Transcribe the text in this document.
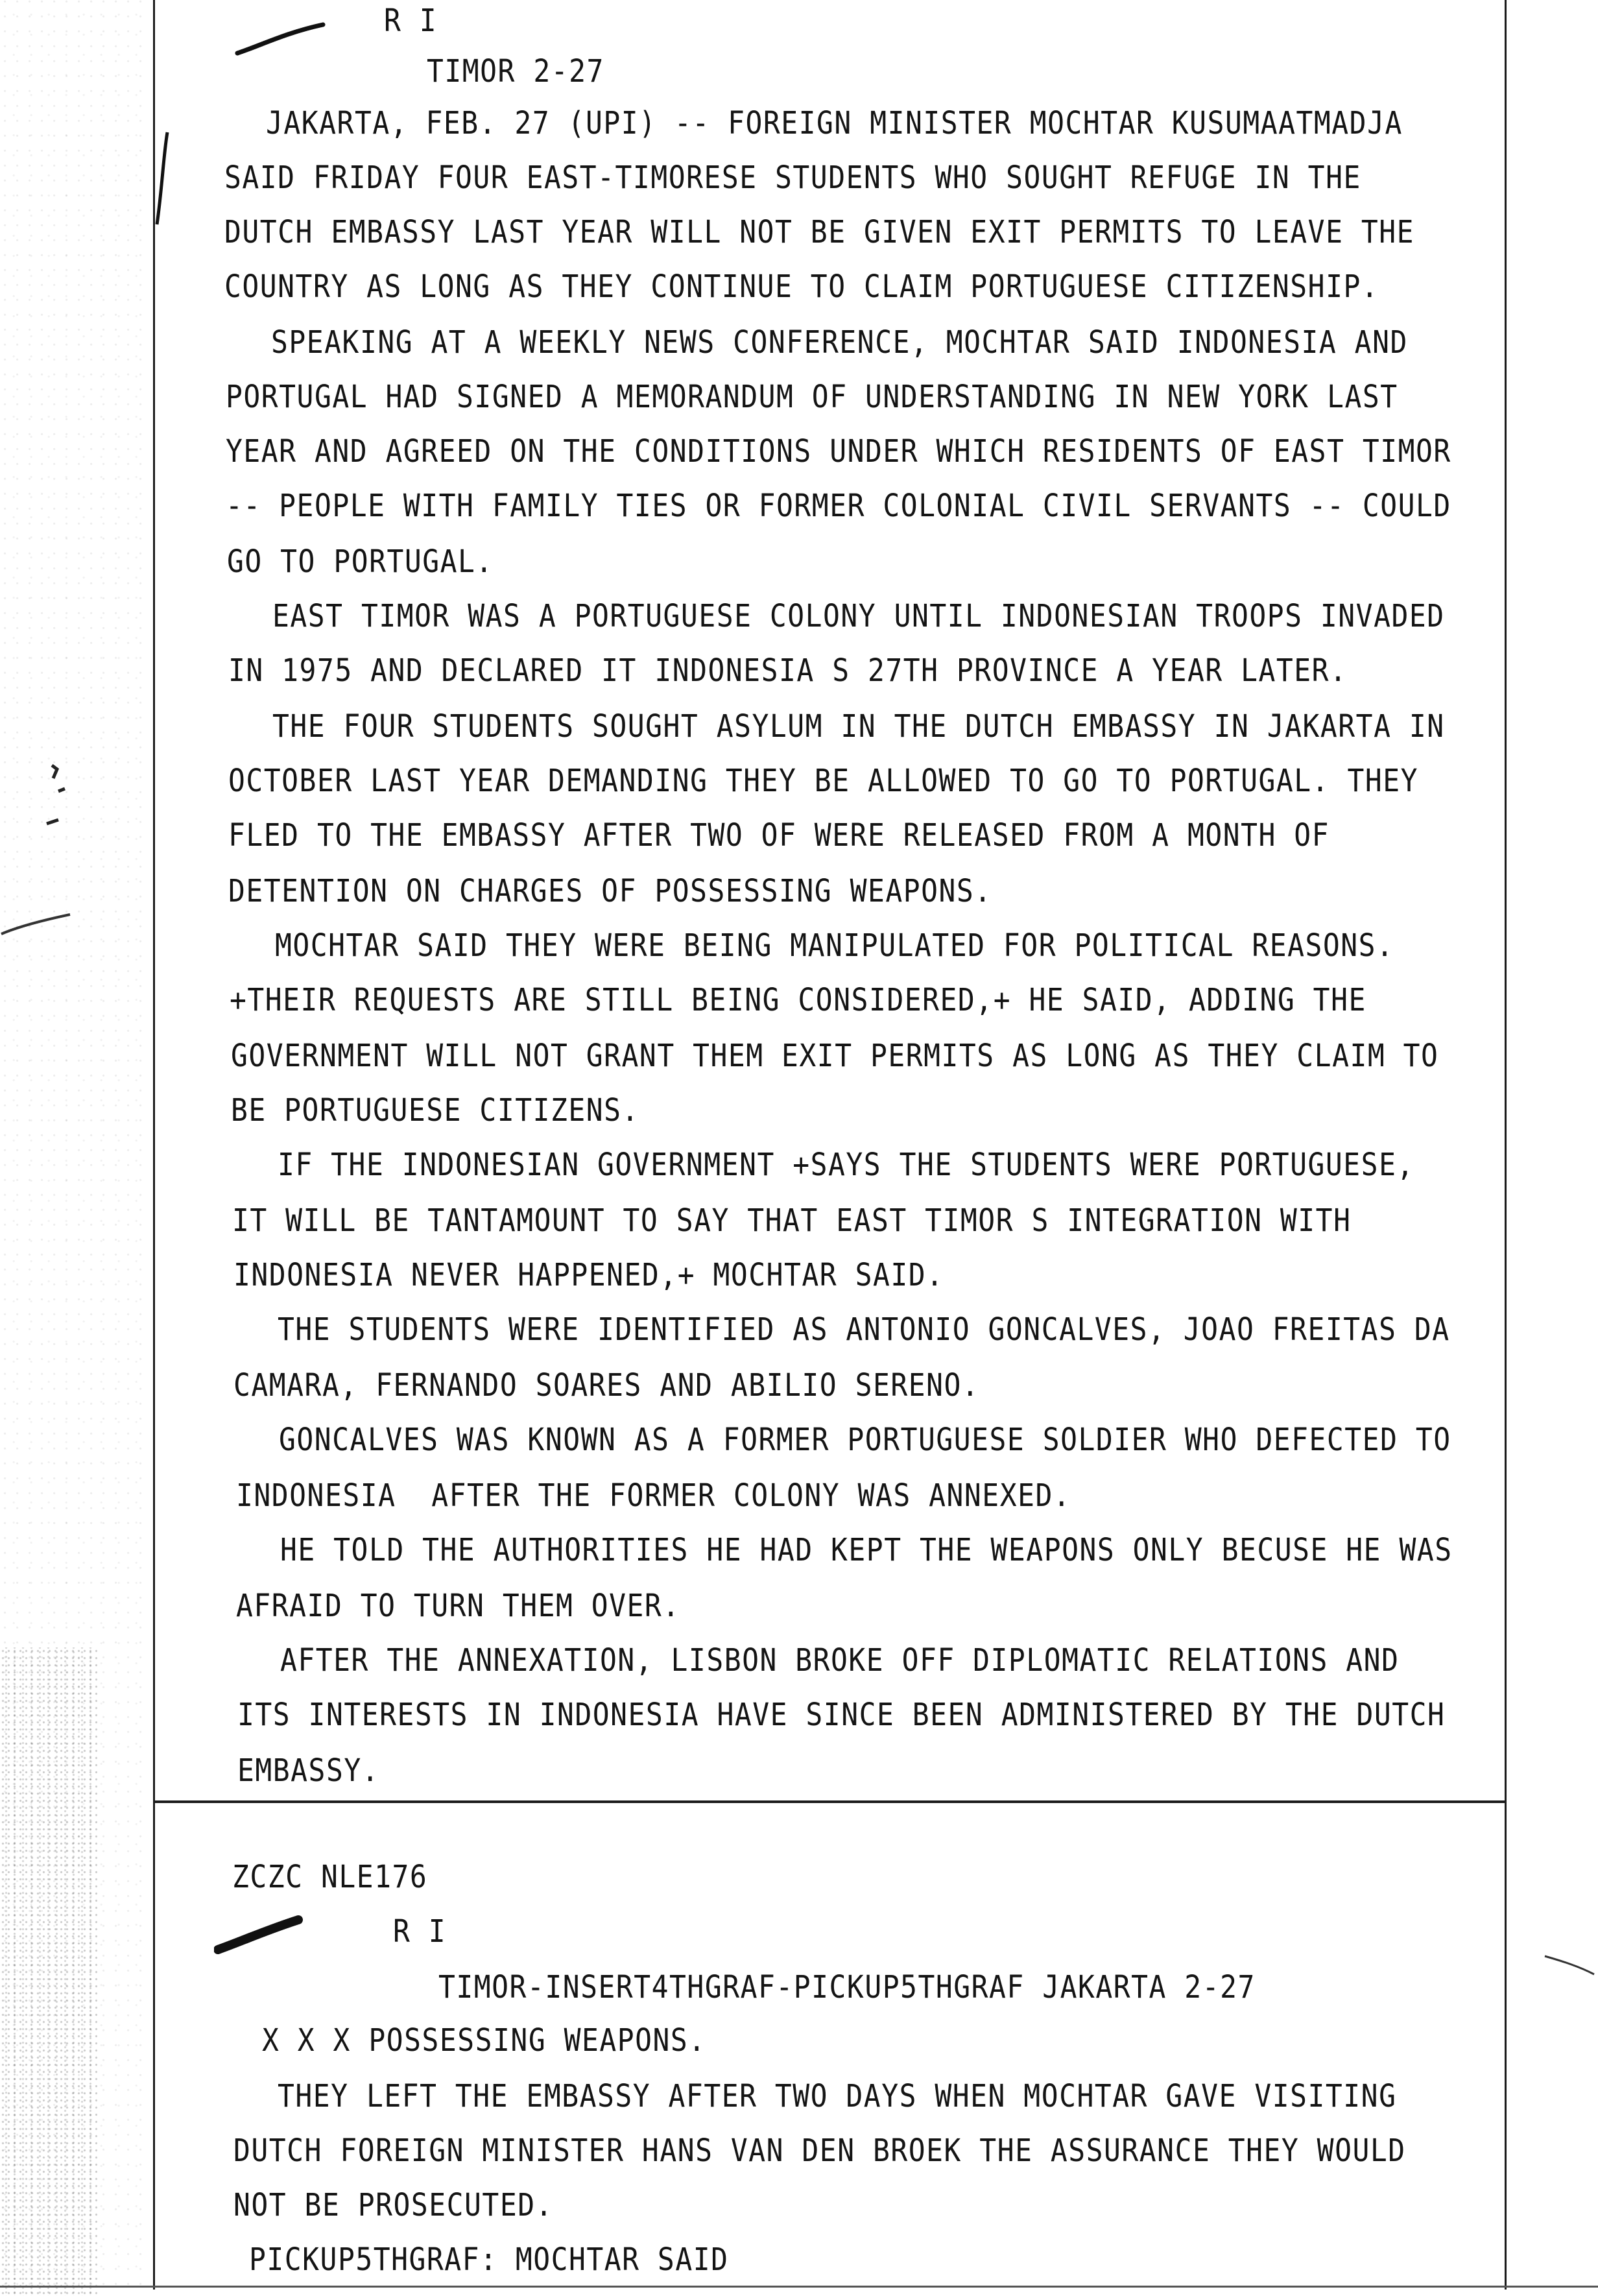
R I
TIMOR 2-27
JAKARTA, FEB. 27 (UPI) -- FOREIGN MINISTER MOCHTAR KUSUMAATMADJA
SAID FRIDAY FOUR EAST-TIMORESE STUDENTS WHO SOUGHT REFUGE IN THE
DUTCH EMBASSY LAST YEAR WILL NOT BE GIVEN EXIT PERMITS TO LEAVE THE
COUNTRY AS LONG AS THEY CONTINUE TO CLAIM PORTUGUESE CITIZENSHIP.
SPEAKING AT A WEEKLY NEWS CONFERENCE, MOCHTAR SAID INDONESIA AND
PORTUGAL HAD SIGNED A MEMORANDUM OF UNDERSTANDING IN NEW YORK LAST
YEAR AND AGREED ON THE CONDITIONS UNDER WHICH RESIDENTS OF EAST TIMOR
-- PEOPLE WITH FAMILY TIES OR FORMER COLONIAL CIVIL SERVANTS -- COULD
GO TO PORTUGAL.
EAST TIMOR WAS A PORTUGUESE COLONY UNTIL INDONESIAN TROOPS INVADED
IN 1975 AND DECLARED IT INDONESIA S 27TH PROVINCE A YEAR LATER.
THE FOUR STUDENTS SOUGHT ASYLUM IN THE DUTCH EMBASSY IN JAKARTA IN
OCTOBER LAST YEAR DEMANDING THEY BE ALLOWED TO GO TO PORTUGAL. THEY
FLED TO THE EMBASSY AFTER TWO OF WERE RELEASED FROM A MONTH OF
DETENTION ON CHARGES OF POSSESSING WEAPONS.
MOCHTAR SAID THEY WERE BEING MANIPULATED FOR POLITICAL REASONS.
+THEIR REQUESTS ARE STILL BEING CONSIDERED,+ HE SAID, ADDING THE
GOVERNMENT WILL NOT GRANT THEM EXIT PERMITS AS LONG AS THEY CLAIM TO
BE PORTUGUESE CITIZENS.
IF THE INDONESIAN GOVERNMENT +SAYS THE STUDENTS WERE PORTUGUESE,
IT WILL BE TANTAMOUNT TO SAY THAT EAST TIMOR S INTEGRATION WITH
INDONESIA NEVER HAPPENED,+ MOCHTAR SAID.
THE STUDENTS WERE IDENTIFIED AS ANTONIO GONCALVES, JOAO FREITAS DA
CAMARA, FERNANDO SOARES AND ABILIO SERENO.
GONCALVES WAS KNOWN AS A FORMER PORTUGUESE SOLDIER WHO DEFECTED TO
INDONESIA  AFTER THE FORMER COLONY WAS ANNEXED.
HE TOLD THE AUTHORITIES HE HAD KEPT THE WEAPONS ONLY BECUSE HE WAS
AFRAID TO TURN THEM OVER.
AFTER THE ANNEXATION, LISBON BROKE OFF DIPLOMATIC RELATIONS AND
ITS INTERESTS IN INDONESIA HAVE SINCE BEEN ADMINISTERED BY THE DUTCH
EMBASSY.
ZCZC NLE176
R I
TIMOR-INSERT4THGRAF-PICKUP5THGRAF JAKARTA 2-27
X X X POSSESSING WEAPONS.
THEY LEFT THE EMBASSY AFTER TWO DAYS WHEN MOCHTAR GAVE VISITING
DUTCH FOREIGN MINISTER HANS VAN DEN BROEK THE ASSURANCE THEY WOULD
NOT BE PROSECUTED.
PICKUP5THGRAF: MOCHTAR SAID
